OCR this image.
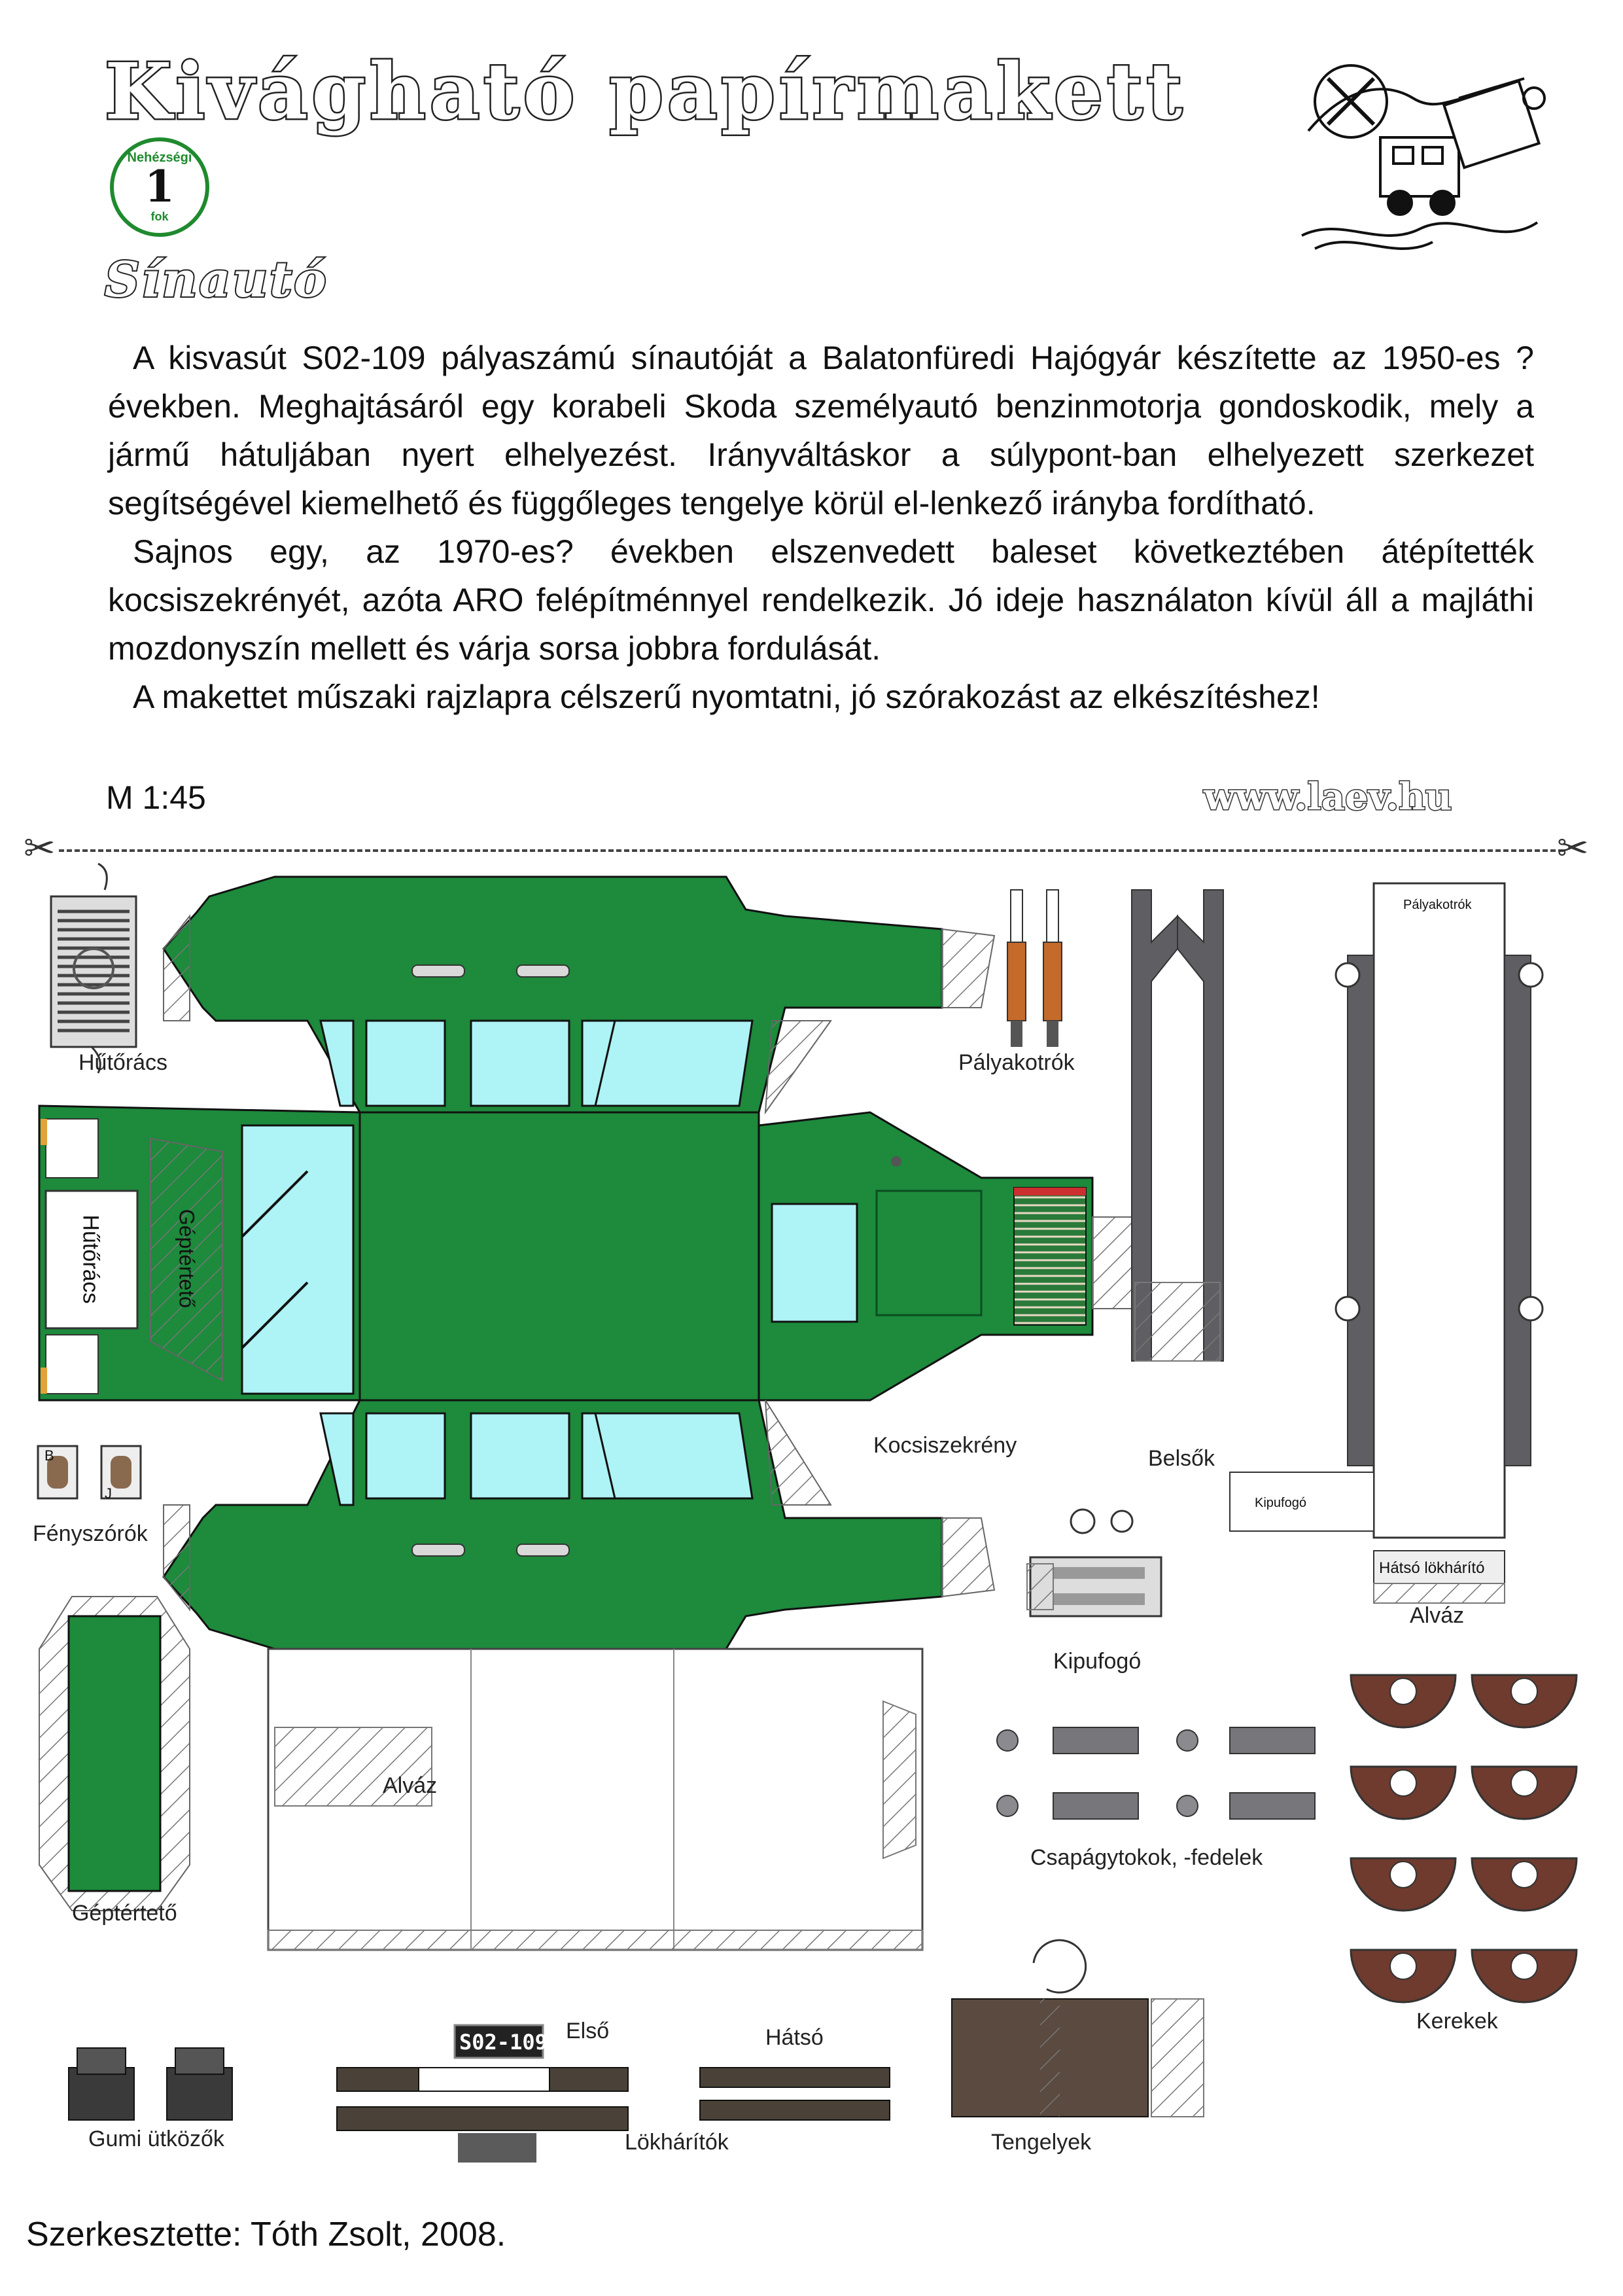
Kivágható papírmakett
Nehézségi
1
fok
Sínautó

A kisvasút S02-109 pályaszámú sínautóját a Balatonfüredi Hajógyár készítette az 1950-es ? években. Meghajtásáról egy korabeli Skoda személyautó benzinmotorja gondoskodik, mely a jármű hátuljában nyert elhelyezést. Irányváltáskor a súlypont-ban elhelyezett szerkezet segítségével kiemelhető és függőleges tengelye körül el-lenkező irányba fordítható.

Sajnos egy, az 1970-es? években elszenvedett baleset következtében átépítették kocsiszekrényét, azóta ARO felépítménnyel rendelkezik. Jó ideje használaton kívül áll a majláthi mozdonyszín mellett és várja sorsa jobbra fordulását.

A makettet műszaki rajzlapra célszerű nyomtatni, jó szórakozást az elkészítéshez!

M 1:45	www.laev.hu
✂	✂
Hűtőrács	Pályakotrók
Kocsiszekrény
Belsők
Alváz
Fényszórók
Kipufogó
Csapágytokok, -fedelek
Alváz
Géptértető
Kerekek
Első	Hátsó
Gumi ütközők	Lökhárítók	Tengelyek
Pályakotrók
Kipufogó
Hátsó lökhárító
S02-109
B
J
Hűtőrács	Géptértető
Szerkesztette: Tóth Zsolt, 2008.
